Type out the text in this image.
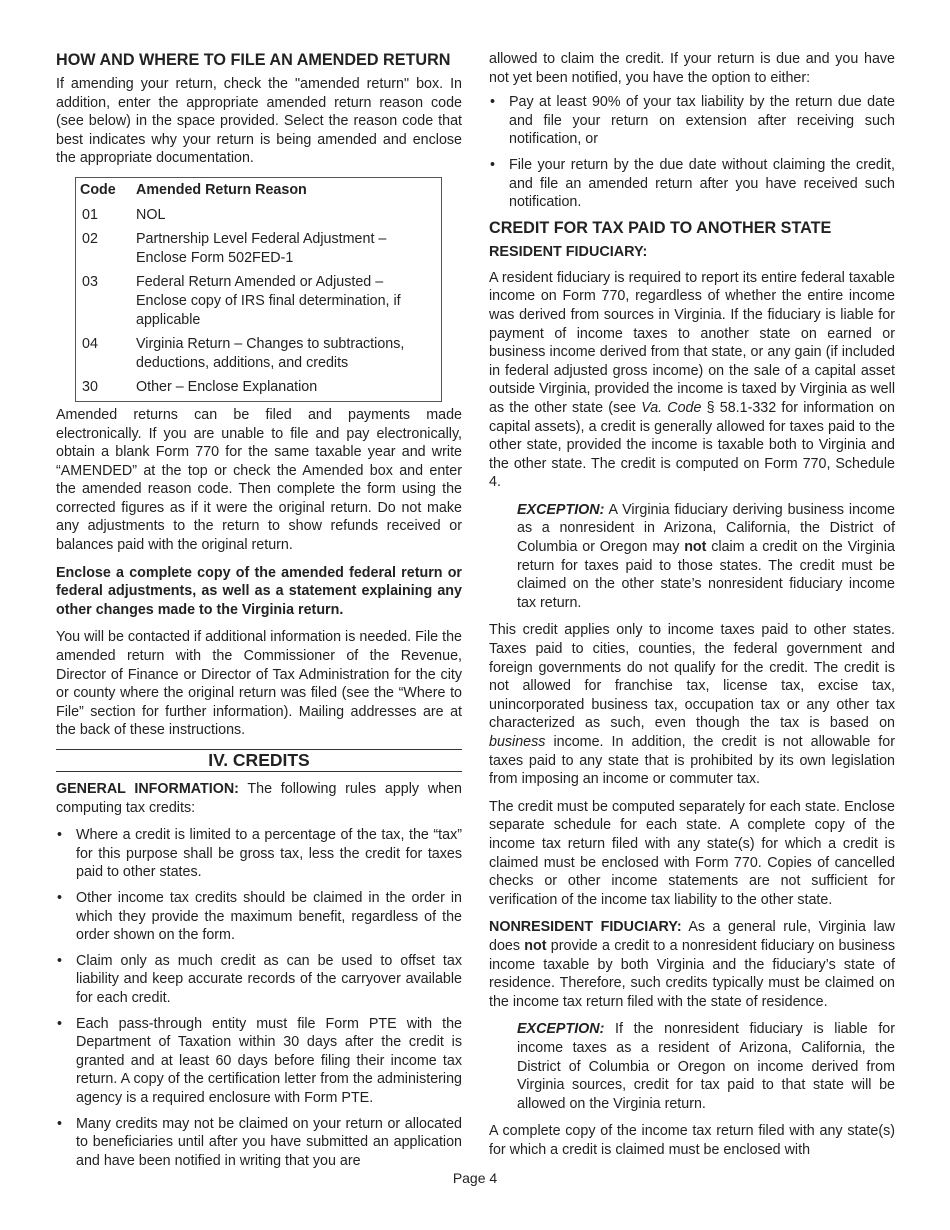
HOW AND WHERE TO FILE AN AMENDED RETURN

If amending your return, check the "amended return" box. In addition, enter the appropriate amended return reason code (see below) in the space provided. Select the reason code that best indicates why your return is being amended and enclose the appropriate documentation.

Code	Amended Return Reason
01	NOL
02	Partnership Level Federal Adjustment – Enclose Form 502FED-1
03	Federal Return Amended or Adjusted – Enclose copy of IRS final determination, if applicable
04	Virginia Return – Changes to subtractions, deductions, additions, and credits
30	Other – Enclose Explanation

Amended returns can be filed and payments made electronically. If you are unable to file and pay electronically, obtain a blank Form 770 for the same taxable year and write “AMENDED” at the top or check the Amended box and enter the amended reason code. Then complete the form using the corrected figures as if it were the original return. Do not make any adjustments to the return to show refunds received or balances paid with the original return.

Enclose a complete copy of the amended federal return or federal adjustments, as well as a statement explaining any other changes made to the Virginia return.

You will be contacted if additional information is needed. File the amended return with the Commissioner of the Revenue, Director of Finance or Director of Tax Administration for the city or county where the original return was filed (see the “Where to File” section for further information). Mailing addresses are at the back of these instructions.

IV. CREDITS

GENERAL INFORMATION: The following rules apply when computing tax credits:

• Where a credit is limited to a percentage of the tax, the “tax” for this purpose shall be gross tax, less the credit for taxes paid to other states.
• Other income tax credits should be claimed in the order in which they provide the maximum benefit, regardless of the order shown on the form.
• Claim only as much credit as can be used to offset tax liability and keep accurate records of the carryover available for each credit.
• Each pass-through entity must file Form PTE with the Department of Taxation within 30 days after the credit is granted and at least 60 days before filing their income tax return. A copy of the certification letter from the administering agency is a required enclosure with Form PTE.
• Many credits may not be claimed on your return or allocated to beneficiaries until after you have submitted an application and have been notified in writing that you are

allowed to claim the credit. If your return is due and you have not yet been notified, you have the option to either:

• Pay at least 90% of your tax liability by the return due date and file your return on extension after receiving such notification, or
• File your return by the due date without claiming the credit, and file an amended return after you have received such notification.
CREDIT FOR TAX PAID TO ANOTHER STATE
RESIDENT FIDUCIARY:

A resident fiduciary is required to report its entire federal taxable income on Form 770, regardless of whether the entire income was derived from sources in Virginia. If the fiduciary is liable for payment of income taxes to another state on earned or business income derived from that state, or any gain (if included in federal adjusted gross income) on the sale of a capital asset outside Virginia, provided the income is taxed by Virginia as well as the other state (see Va. Code § 58.1-332 for information on capital assets), a credit is generally allowed for taxes paid to the other state, provided the income is taxable both to Virginia and the other state. The credit is computed on Form 770, Schedule 4.

EXCEPTION: A Virginia fiduciary deriving business income as a nonresident in Arizona, California, the District of Columbia or Oregon may not claim a credit on the Virginia return for taxes paid to those states. The credit must be claimed on the other state’s nonresident fiduciary income tax return.

This credit applies only to income taxes paid to other states. Taxes paid to cities, counties, the federal government and foreign governments do not qualify for the credit. The credit is not allowed for franchise tax, license tax, excise tax, unincorporated business tax, occupation tax or any other tax characterized as such, even though the tax is based on business income. In addition, the credit is not allowable for taxes paid to any state that is prohibited by its own legislation from imposing an income or commuter tax.

The credit must be computed separately for each state. Enclose separate schedule for each state. A complete copy of the income tax return filed with any state(s) for which a credit is claimed must be enclosed with Form 770. Copies of cancelled checks or other income statements are not sufficient for verification of the income tax liability to the other state.

NONRESIDENT FIDUCIARY: As a general rule, Virginia law does not provide a credit to a nonresident fiduciary on business income taxable by both Virginia and the fiduciary’s state of residence. Therefore, such credits typically must be claimed on the income tax return filed with the state of residence.

EXCEPTION: If the nonresident fiduciary is liable for income taxes as a resident of Arizona, California, the District of Columbia or Oregon on income derived from Virginia sources, credit for tax paid to that state will be allowed on the Virginia return.

A complete copy of the income tax return filed with any state(s) for which a credit is claimed must be enclosed with

Page 4
